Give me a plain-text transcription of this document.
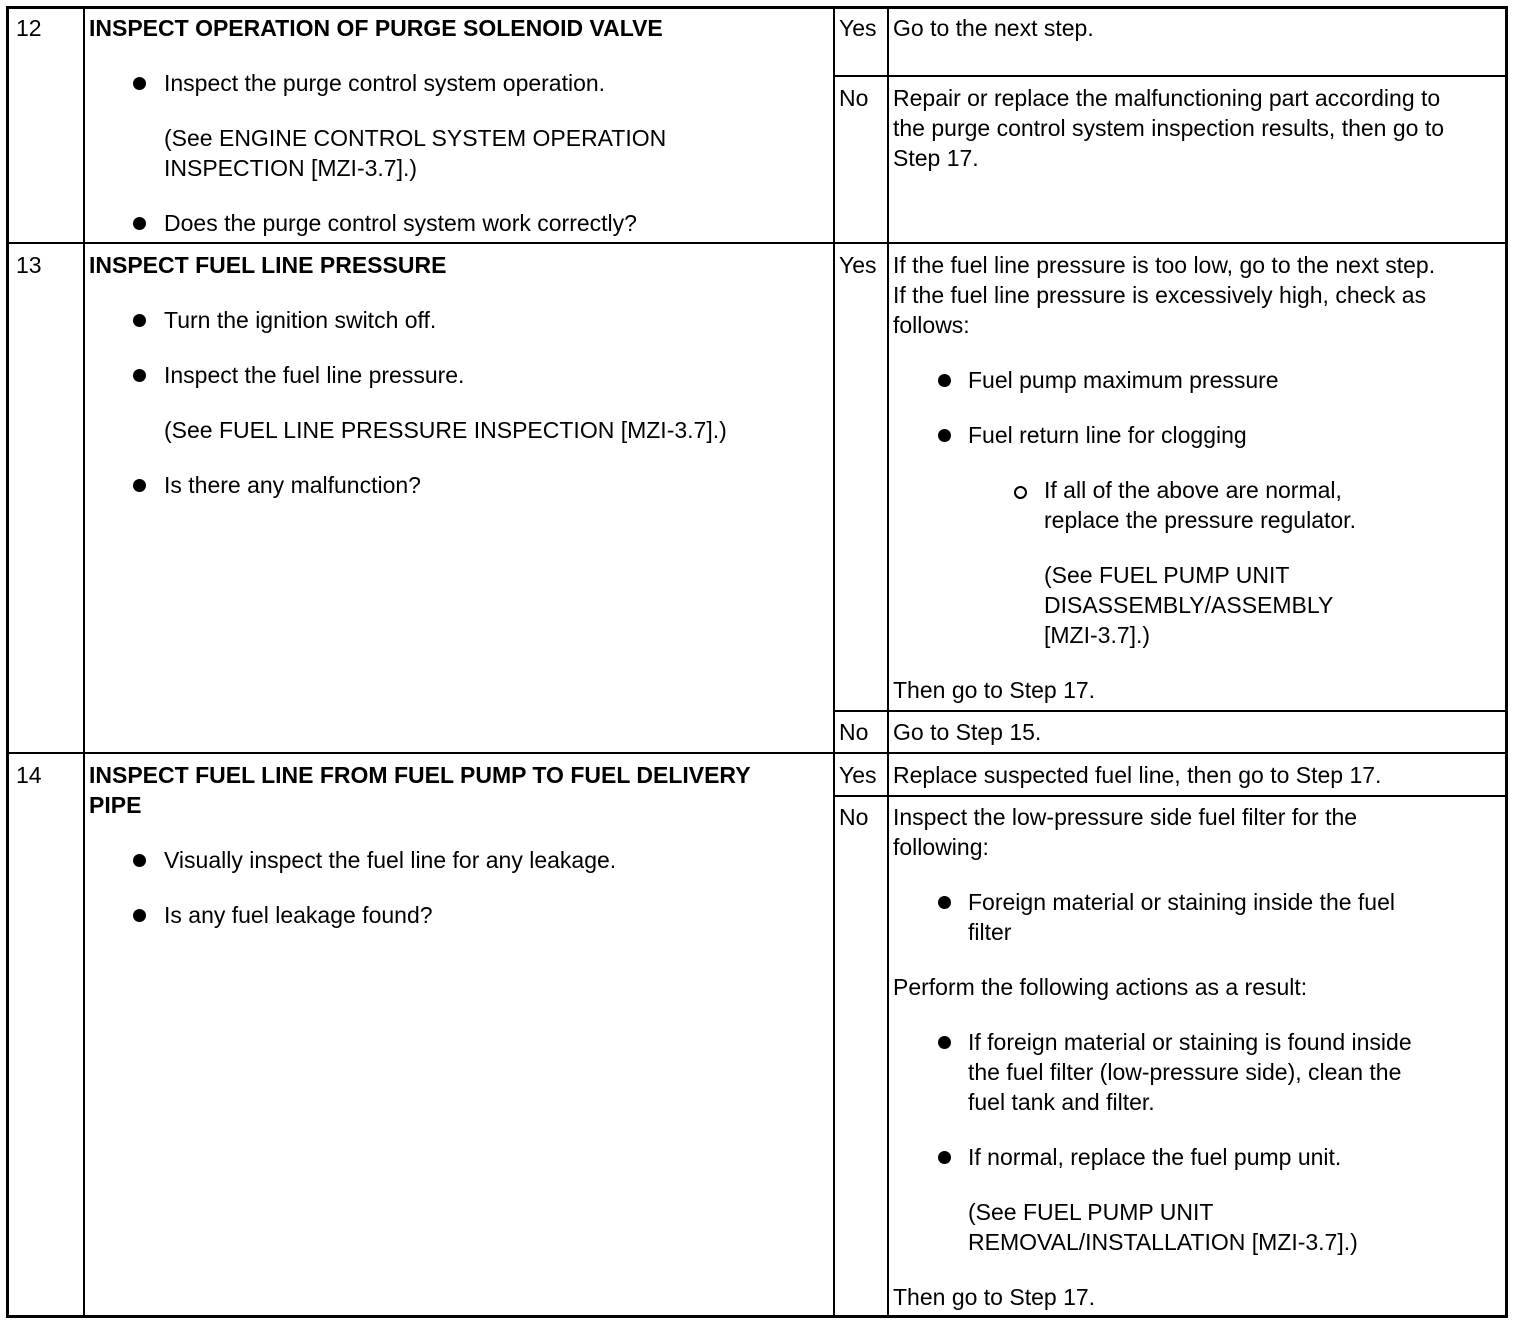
12 INSPECT OPERATION OF PURGE SOLENOID VALVE
Inspect the purge control system operation.
(See ENGINE CONTROL SYSTEM OPERATION
INSPECTION [MZI-3.7].)
Does the purge control system work correctly?
Yes Go to the next step.
No Repair or replace the malfunctioning part according to
the purge control system inspection results, then go to
Step 17.
13 INSPECT FUEL LINE PRESSURE
Turn the ignition switch off.
Inspect the fuel line pressure.
(See FUEL LINE PRESSURE INSPECTION [MZI-3.7].)
Is there any malfunction?
Yes If the fuel line pressure is too low, go to the next step.
If the fuel line pressure is excessively high, check as
follows:
Fuel pump maximum pressure
Fuel return line for clogging
If all of the above are normal,
replace the pressure regulator.
(See FUEL PUMP UNIT
DISASSEMBLY/ASSEMBLY
[MZI-3.7].)
Then go to Step 17.
No Go to Step 15.
14 INSPECT FUEL LINE FROM FUEL PUMP TO FUEL DELIVERY
PIPE
Visually inspect the fuel line for any leakage.
Is any fuel leakage found?
Yes Replace suspected fuel line, then go to Step 17.
No Inspect the low-pressure side fuel filter for the
following:
Foreign material or staining inside the fuel
filter
Perform the following actions as a result:
If foreign material or staining is found inside
the fuel filter (low-pressure side), clean the
fuel tank and filter.
If normal, replace the fuel pump unit.
(See FUEL PUMP UNIT
REMOVAL/INSTALLATION [MZI-3.7].)
Then go to Step 17.
